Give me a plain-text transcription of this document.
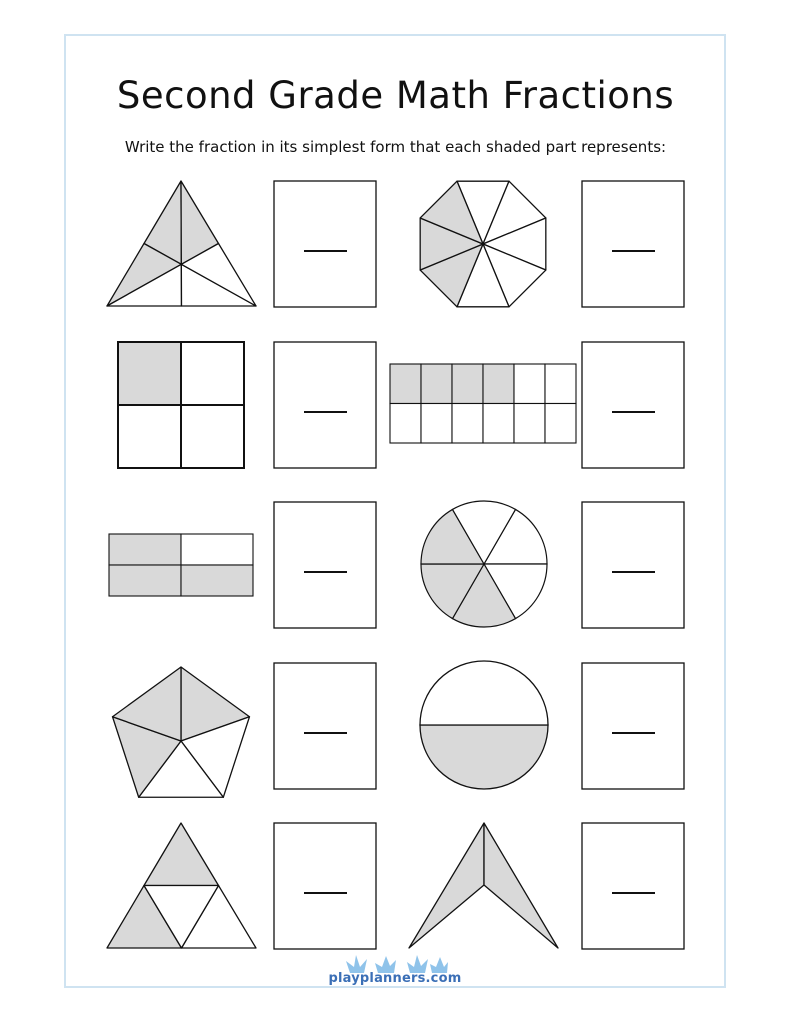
Second Grade Math Fractions
Write the fraction in its simplest form that each shaded part represents:
playplanners.com
